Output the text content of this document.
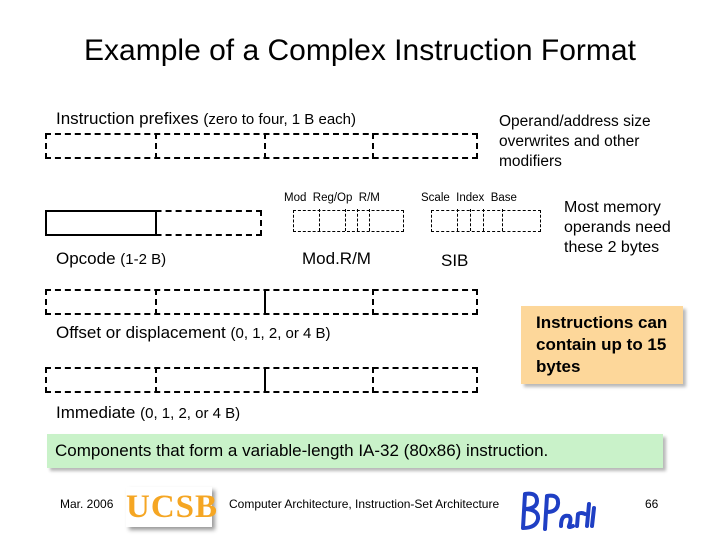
Example of a Complex Instruction Format
Instruction prefixes (zero to four, 1 B each)	Operand/address size overwrites and other modifiers
Mod Reg/Op R/M	Scale Index Base
Most memory operands need these 2 bytes
Opcode (1-2 B)	Mod.R/M	SIB
Offset or displacement (0, 1, 2, or 4 B)
Immediate (0, 1, 2, or 4 B)
Instructions can contain up to 15 bytes
Components that form a variable-length IA-32 (80x86) instruction.
Mar. 2006 UCSB Computer Architecture, Instruction-Set Architecture	66
